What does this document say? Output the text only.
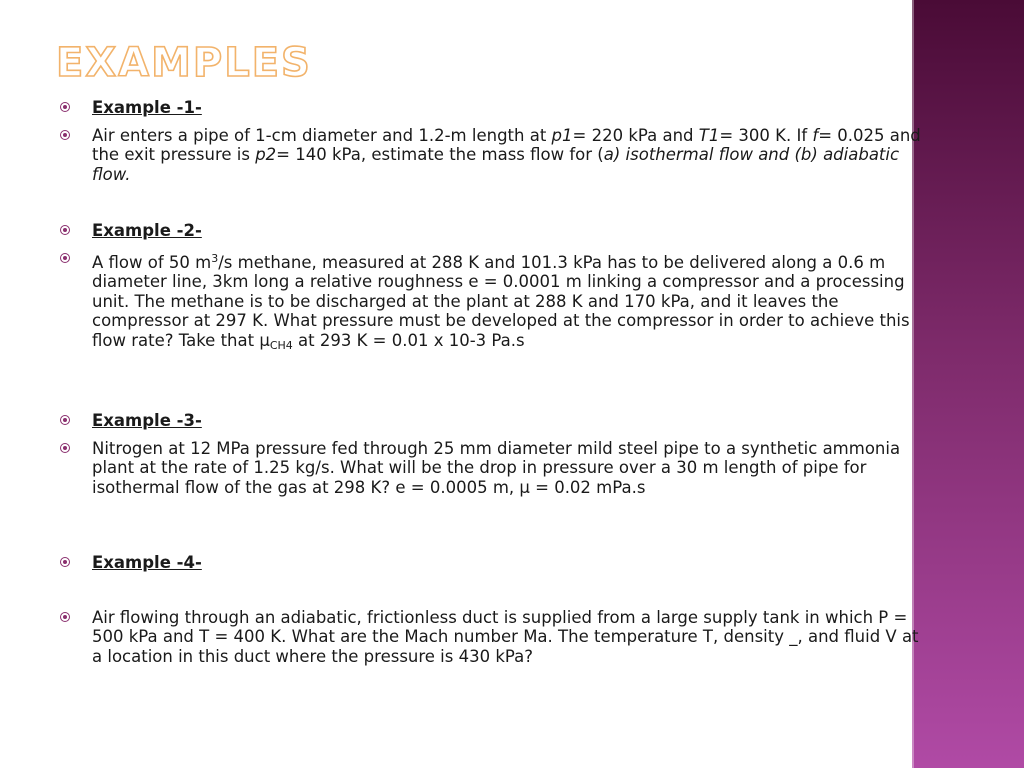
EXAMPLES
Example -1-
Air enters a pipe of 1-cm diameter and 1.2-m length at p1= 220 kPa and T1= 300 K. If f= 0.025 and the exit pressure is p2= 140 kPa, estimate the mass flow for (a) isothermal flow and (b) adiabatic flow.
Example -2-
A flow of 50 $m^3/s$ methane, measured at 288 K and 101.3 kPa has to be delivered along a 0.6 m diameter line, 3km long a relative roughness e = 0.0001 m linking a compressor and a processing unit. The methane is to be discharged at the plant at 288 K and 170 kPa, and it leaves the compressor at 297 K. What pressure must be developed at the compressor in order to achieve this flow rate? Take that $\mu_{CH4}$ at 293 K = 0.01 x 10-3 Pa.s
Example -3-
Nitrogen at 12 MPa pressure fed through 25 mm diameter mild steel pipe to a synthetic ammonia plant at the rate of 1.25 kg/s. What will be the drop in pressure over a 30 m length of pipe for isothermal flow of the gas at 298 K? e = 0.0005 m, μ = 0.02 mPa.s
Example -4-
Air flowing through an adiabatic, frictionless duct is supplied from a large supply tank in which P = 500 kPa and T = 400 K. What are the Mach number Ma. The temperature T, density _, and fluid V at a location in this duct where the pressure is 430 kPa?
